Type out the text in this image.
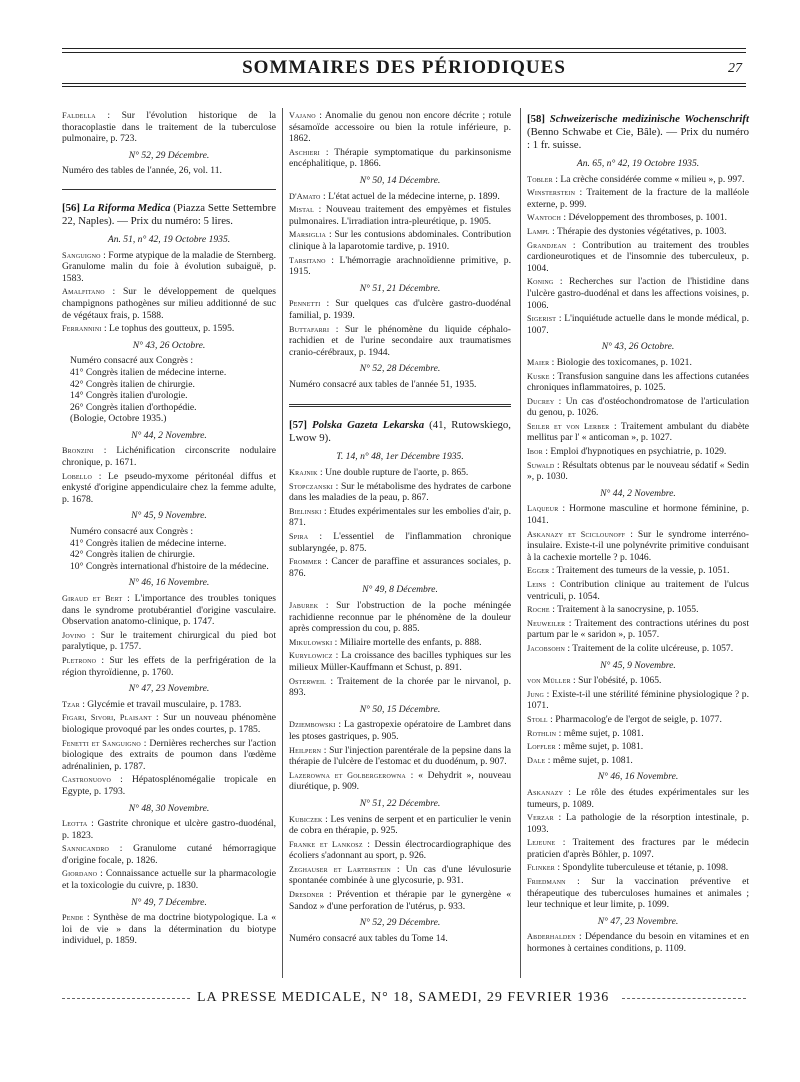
SOMMAIRES DES PÉRIODIQUES	27

Faldella : Sur l'évolution historique de la thoracoplastie dans le traitement de la tuberculose pulmonaire, p. 723.

N° 52, 29 Décembre.
Numéro des tables de l'année, 26, vol. 11.
[56] La Riforma Medica (Piazza Sette Settembre 22, Naples). — Prix du numéro: 5 lires.
An. 51, n° 42, 19 Octobre 1935.

Sanguigno : Forme atypique de la maladie de Sternberg. Granulome malin du foie à évolution subaiguë, p. 1583.

Amalfitano : Sur le développement de quelques champignons pathogènes sur milieu additionné de suc de végétaux frais, p. 1588.

Ferrannini : Le tophus des goutteux, p. 1595.

N° 43, 26 Octobre.
Numéro consacré aux Congrès :
41° Congrès italien de médecine interne.
42° Congrès italien de chirurgie.
14° Congrès italien d'urologie.
26° Congrès italien d'orthopédie.
(Bologie, Octobre 1935.)
N° 44, 2 Novembre.

Bronzini : Lichénification circonscrite nodulaire chronique, p. 1671.

Lobello : Le pseudo-myxome péritonéal diffus et enkysté d'origine appendiculaire chez la femme adulte, p. 1678.

N° 45, 9 Novembre.
Numéro consacré aux Congrès :
41° Congrès italien de médecine interne.
42° Congrès italien de chirurgie.
10° Congrès international d'histoire de la médecine.
N° 46, 16 Novembre.

Giraud et Bert : L'importance des troubles toniques dans le syndrome protubérantiel d'origine vasculaire. Observation anatomo-clinique, p. 1747.

Jovino : Sur le traitement chirurgical du pied bot paralytique, p. 1757.

Pletrono : Sur les effets de la perfrigération de la région thyroïdienne, p. 1760.

N° 47, 23 Novembre.

Tzar : Glycémie et travail musculaire, p. 1783.

Figari, Sivori, Plaisant : Sur un nouveau phénomène biologique provoqué par les ondes courtes, p. 1785.

Fenetti et Sanguigno : Dernières recherches sur l'action biologique des extraits de poumon dans l'œdème adrénalinien, p. 1787.

Castronuovo : Hépatosplénomégalie tropicale en Egypte, p. 1793.

N° 48, 30 Novembre.

Leotta : Gastrite chronique et ulcère gastro-duodénal, p. 1823.

Sannicandro : Granulome cutané hémorragique d'origine focale, p. 1826.

Giordano : Connaissance actuelle sur la pharmacologie et la toxicologie du cuivre, p. 1830.

N° 49, 7 Décembre.

Pende : Synthèse de ma doctrine biotypologique. La « loi de vie » dans la détermination du biotype individuel, p. 1859.

Vajano : Anomalie du genou non encore décrite ; rotule sésamoïde accessoire ou bien la rotule inférieure, p. 1862.

Aschieri : Thérapie symptomatique du parkinsonisme encéphalitique, p. 1866.

N° 50, 14 Décembre.

D'Amato : L'état actuel de la médecine interne, p. 1899.

Mistal : Nouveau traitement des empyèmes et fistules pulmonaires. L'irradiation intra-pleurétique, p. 1905.

Marsiglia : Sur les contusions abdominales. Contribution clinique à la laparotomie tardive, p. 1910.

Tarsitano : L'hémorragie arachnoïdienne primitive, p. 1915.

N° 51, 21 Décembre.

Pennetti : Sur quelques cas d'ulcère gastro-duodénal familial, p. 1939.

Buttafarri : Sur le phénomène du liquide céphalo-rachidien et de l'urine secondaire aux traumatismes cranio-cérébraux, p. 1944.

N° 52, 28 Décembre.
Numéro consacré aux tables de l'année 51, 1935.
[57] Polska Gazeta Lekarska (41, Rutowskiego, Lwow 9).
T. 14, n° 48, 1er Décembre 1935.

Krajnik : Une double rupture de l'aorte, p. 865.

Stopczanski : Sur le métabolisme des hydrates de carbone dans les maladies de la peau, p. 867.

Bielinski : Etudes expérimentales sur les embolies d'air, p. 871.

Spira : L'essentiel de l'inflammation chronique sublaryngée, p. 875.

Frommer : Cancer de paraffine et assurances sociales, p. 876.

N° 49, 8 Décembre.

Jaburek : Sur l'obstruction de la poche méningée rachidienne reconnue par le phénomène de la douleur après compression du cou, p. 885.

Mikulowski : Miliaire mortelle des enfants, p. 888.

Kurylowicz : La croissance des bacilles typhiques sur les milieux Müller-Kauffmann et Schust, p. 891.

Osterweil : Traitement de la chorée par le nirvanol, p. 893.

N° 50, 15 Décembre.

Dziembowski : La gastropexie opératoire de Lambret dans les ptoses gastriques, p. 905.

Heilpern : Sur l'injection parentérale de la pepsine dans la thérapie de l'ulcère de l'estomac et du duodénum, p. 907.

Lazerowna et Golbergerowna : « Dehydrit », nouveau diurétique, p. 909.

N° 51, 22 Décembre.

Kubiczek : Les venins de serpent et en particulier le venin de cobra en thérapie, p. 925.

Franke et Lankosz : Dessin électrocardiographique des écoliers s'adonnant au sport, p. 926.

Zeghauser et Larterstein : Un cas d'une lévulosurie spontanée combinée à une glycosurie, p. 931.

Dresdner : Prévention et thérapie par le gynergène « Sandoz » d'une perforation de l'utérus, p. 933.

N° 52, 29 Décembre.
Numéro consacré aux tables du Tome 14.
[58] Schweizerische medizinische Wochenschrift (Benno Schwabe et Cie, Bâle). — Prix du numéro : 1 fr. suisse.
An. 65, n° 42, 19 Octobre 1935.

Tobler : La crèche considérée comme « milieu », p. 997.

Winsterstein : Traitement de la fracture de la malléole externe, p. 999.

Wantoch : Développement des thromboses, p. 1001.

Lampl : Thérapie des dystonies végétatives, p. 1003.

Grandjean : Contribution au traitement des troubles cardioneurotiques et de l'insomnie des tuberculeux, p. 1004.

Koning : Recherches sur l'action de l'histidine dans l'ulcère gastro-duodénal et dans les affections voisines, p. 1006.

Sigerist : L'inquiétude actuelle dans le monde médical, p. 1007.

N° 43, 26 Octobre.

Maier : Biologie des toxicomanes, p. 1021.

Kuske : Transfusion sanguine dans les affections cutanées chroniques inflammatoires, p. 1025.

Ducrey : Un cas d'ostéochondromatose de l'articulation du genou, p. 1026.

Seiler et von Lerber : Traitement ambulant du diabète mellitus par l' « anticoman », p. 1027.

Ibor : Emploi d'hypnotiques en psychiatrie, p. 1029.

Suwald : Résultats obtenus par le nouveau sédatif « Sedin », p. 1030.

N° 44, 2 Novembre.

Laqueur : Hormone masculine et hormone féminine, p. 1041.

Askanazy et Sciclounoff : Sur le syndrome interréno-insulaire. Existe-t-il une polynévrite primitive conduisant à la cachexie mortelle ? p. 1046.

Egger : Traitement des tumeurs de la vessie, p. 1051.

Leins : Contribution clinique au traitement de l'ulcus ventriculi, p. 1054.

Roche : Traitement à la sanocrysine, p. 1055.

Neuweiler : Traitement des contractions utérines du post partum par le « saridon », p. 1057.

Jacobsohn : Traitement de la colite ulcéreuse, p. 1057.

N° 45, 9 Novembre.

von Müller : Sur l'obésité, p. 1065.

Jung : Existe-t-il une stérilité féminine physiologique ? p. 1071.

Stoll : Pharmacolog'e de l'ergot de seigle, p. 1077.

Rothlin : même sujet, p. 1081.

Loffler : même sujet, p. 1081.

Dale : même sujet, p. 1081.

N° 46, 16 Novembre.

Askanazy : Le rôle des études expérimentales sur les tumeurs, p. 1089.

Verzar : La pathologie de la résorption intestinale, p. 1093.

Lejeune : Traitement des fractures par le médecin praticien d'après Böhler, p. 1097.

Flinker : Spondylite tuberculeuse et tétanie, p. 1098.

Friedmann : Sur la vaccination préventive et thérapeutique des tuberculoses humaines et animales ; leur technique et leur limite, p. 1099.

N° 47, 23 Novembre.

Abderhalden : Dépendance du besoin en vitamines et en hormones à certaines conditions, p. 1109.

LA PRESSE MEDICALE, N° 18, SAMEDI, 29 FEVRIER 1936
